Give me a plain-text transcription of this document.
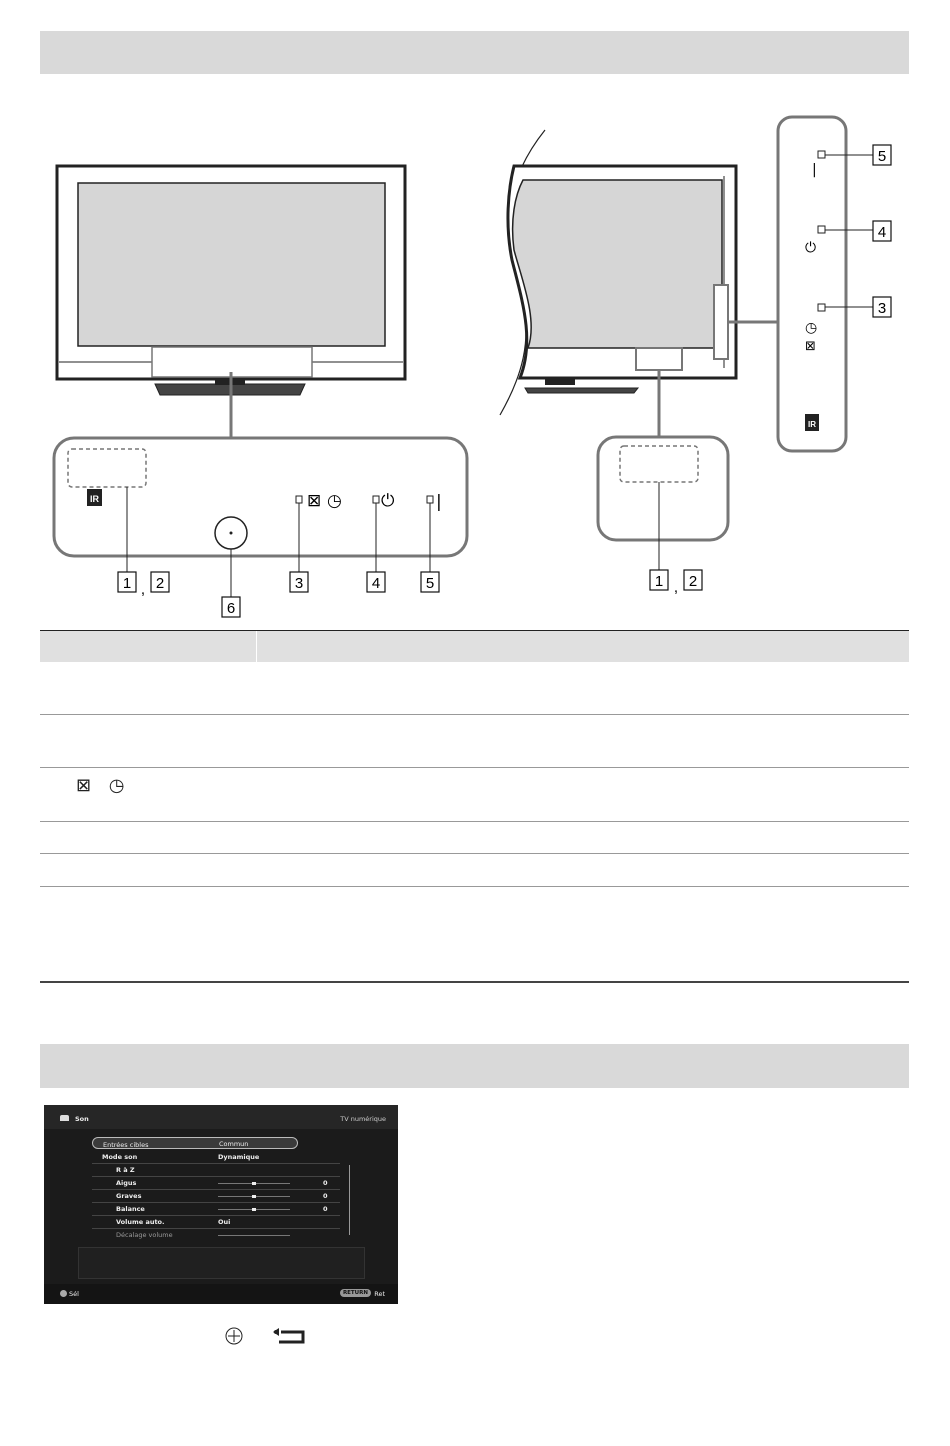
IR	⊠ ◷ ⏻ |
1 , 2
6
3	4	5
|
⏻
◷
⊠
IR
5
4
3
1 , 2
⊠ ◷
Son	TV numérique
Entrées cibles	Commun
Mode son	Dynamique
R à Z
Aigus	0
Graves	0
Balance	0
Volume auto.	Oui
Décalage volume
Sél	RETURN Ret
